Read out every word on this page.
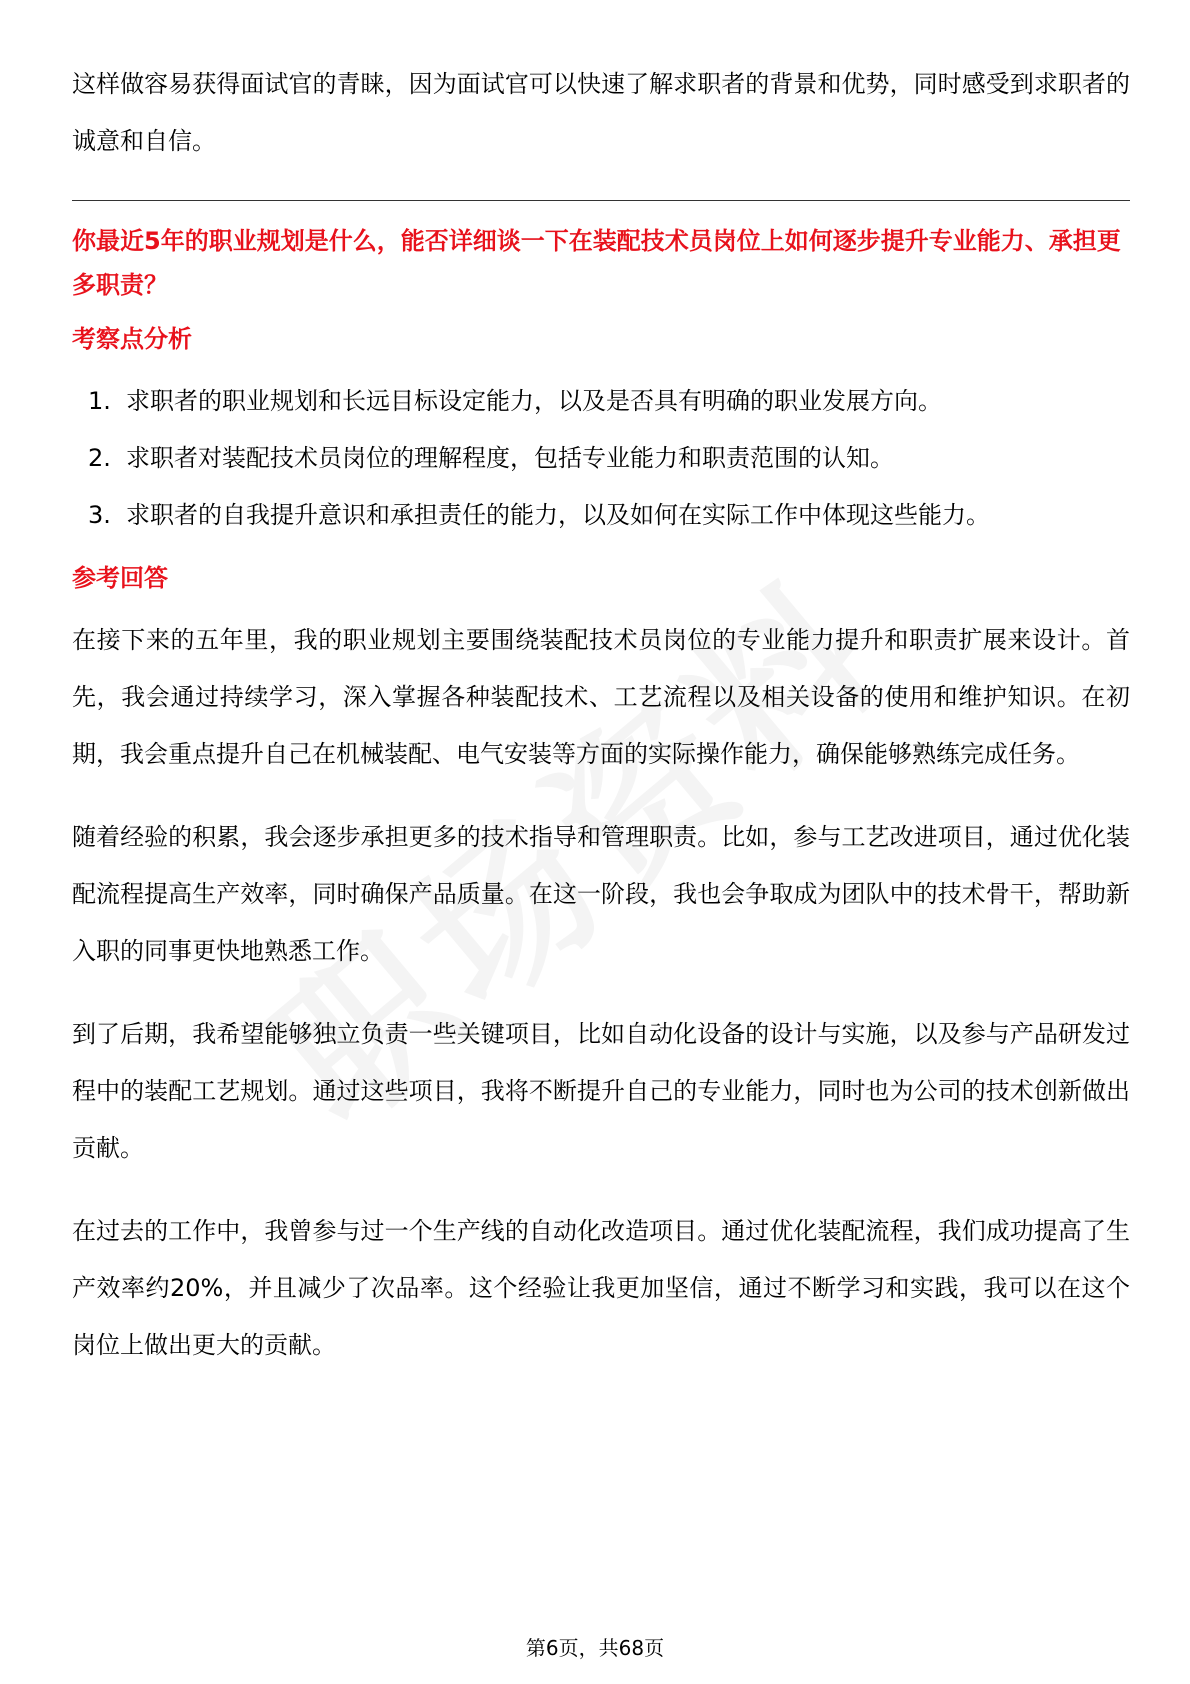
这样做容易获得面试官的青睐，因为面试官可以快速了解求职者的背景和优势，同时感受到求职者的诚意和自信。

你最近5年的职业规划是什么，能否详细谈一下在装配技术员岗位上如何逐步提升专业能力、承担更多职责？

考察点分析

1. 求职者的职业规划和长远目标设定能力，以及是否具有明确的职业发展方向。
2. 求职者对装配技术员岗位的理解程度，包括专业能力和职责范围的认知。
3. 求职者的自我提升意识和承担责任的能力，以及如何在实际工作中体现这些能力。

参考回答

在接下来的五年里，我的职业规划主要围绕装配技术员岗位的专业能力提升和职责扩展来设计。首先，我会通过持续学习，深入掌握各种装配技术、工艺流程以及相关设备的使用和维护知识。在初期，我会重点提升自己在机械装配、电气安装等方面的实际操作能力，确保能够熟练完成任务。

随着经验的积累，我会逐步承担更多的技术指导和管理职责。比如，参与工艺改进项目，通过优化装配流程提高生产效率，同时确保产品质量。在这一阶段，我也会争取成为团队中的技术骨干，帮助新入职的同事更快地熟悉工作。

到了后期，我希望能够独立负责一些关键项目，比如自动化设备的设计与实施，以及参与产品研发过程中的装配工艺规划。通过这些项目，我将不断提升自己的专业能力，同时也为公司的技术创新做出贡献。

在过去的工作中，我曾参与过一个生产线的自动化改造项目。通过优化装配流程，我们成功提高了生产效率约20%，并且减少了次品率。这个经验让我更加坚信，通过不断学习和实践，我可以在这个岗位上做出更大的贡献。

第6页，共68页
